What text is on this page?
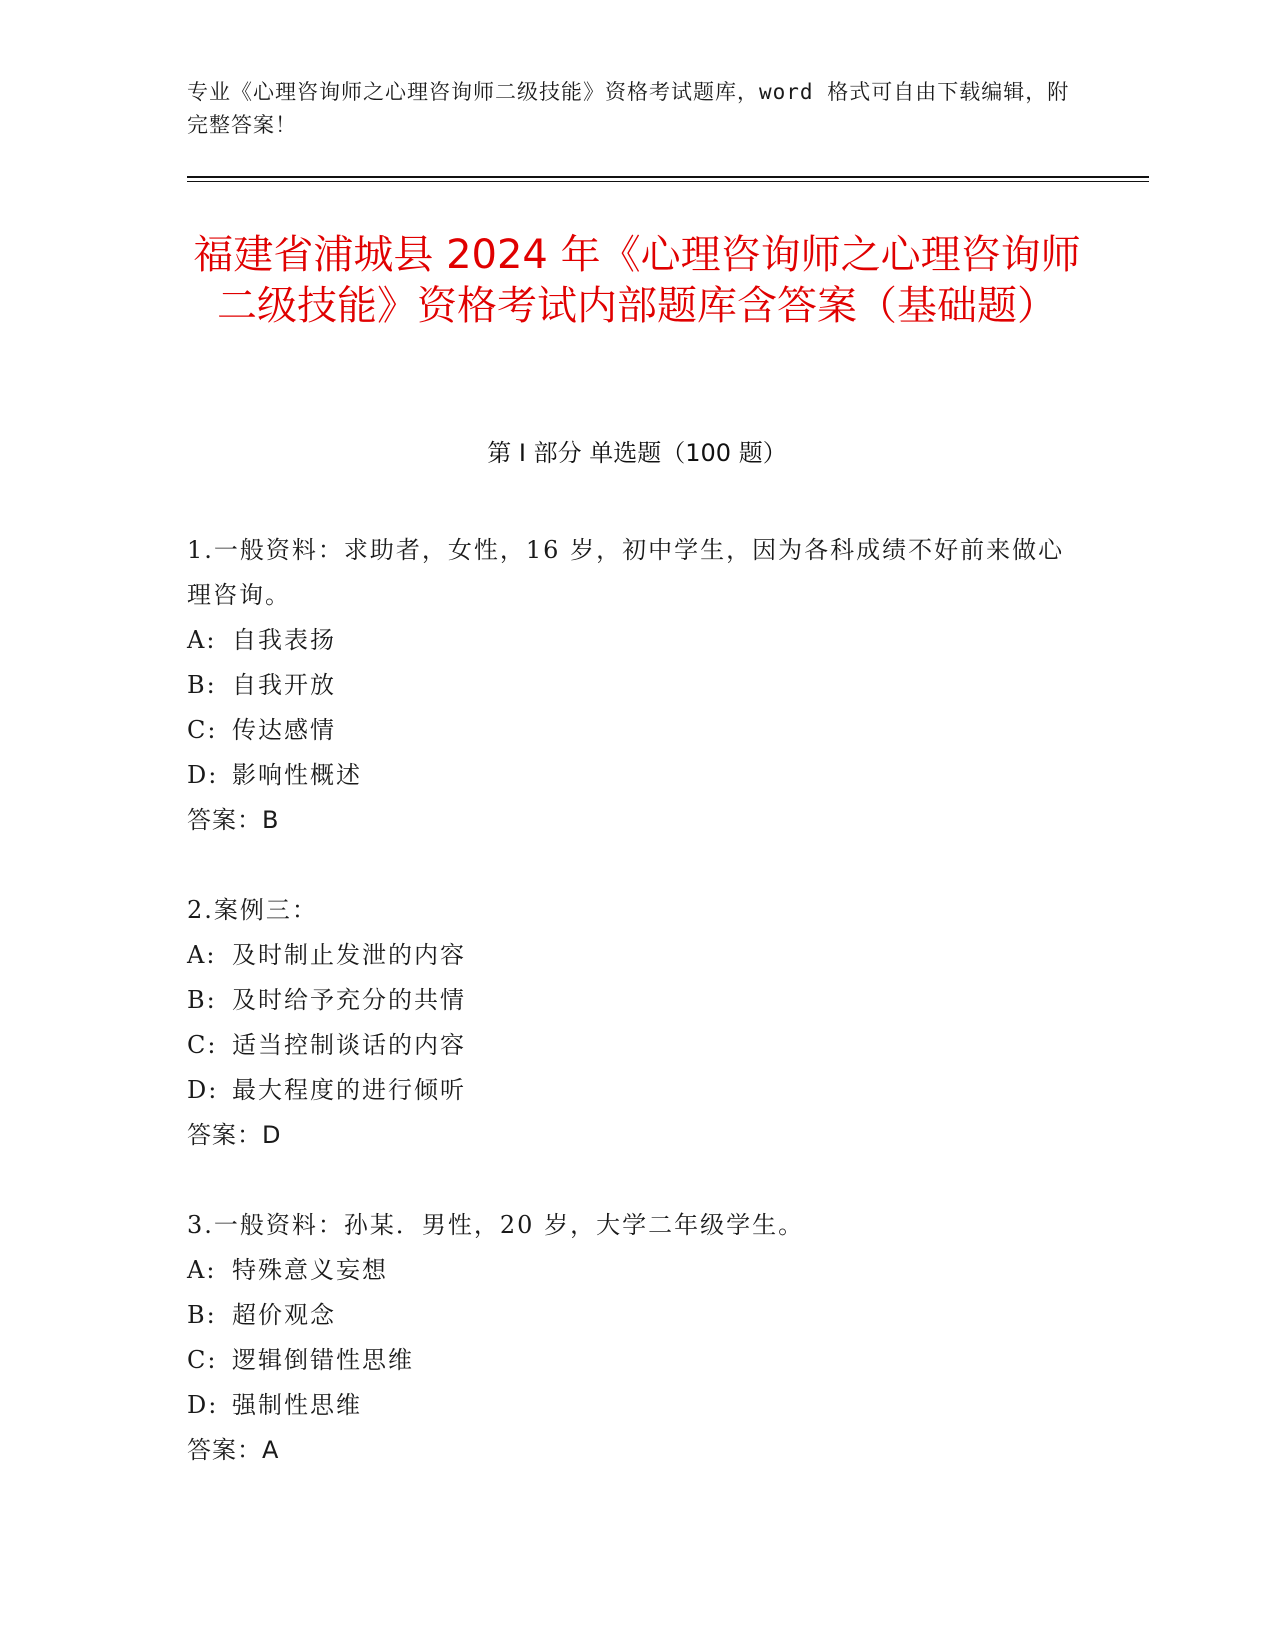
专业《心理咨询师之心理咨询师二级技能》资格考试题库，word 格式可自由下载编辑，附完整答案！
福建省浦城县 2024 年《心理咨询师之心理咨询师二级技能》资格考试内部题库含答案（基础题）
第 I 部分 单选题（100 题）
1.一般资料：求助者，女性，16 岁，初中学生，因为各科成绩不好前来做心理咨询。
A: 自我表扬
B: 自我开放
C: 传达感情
D: 影响性概述
答案：B
2.案例三：
A: 及时制止发泄的内容
B: 及时给予充分的共情
C: 适当控制谈话的内容
D: 最大程度的进行倾听
答案：D
3.一般资料：孙某．男性，20 岁，大学二年级学生。
A: 特殊意义妄想
B: 超价观念
C: 逻辑倒错性思维
D: 强制性思维
答案：A
